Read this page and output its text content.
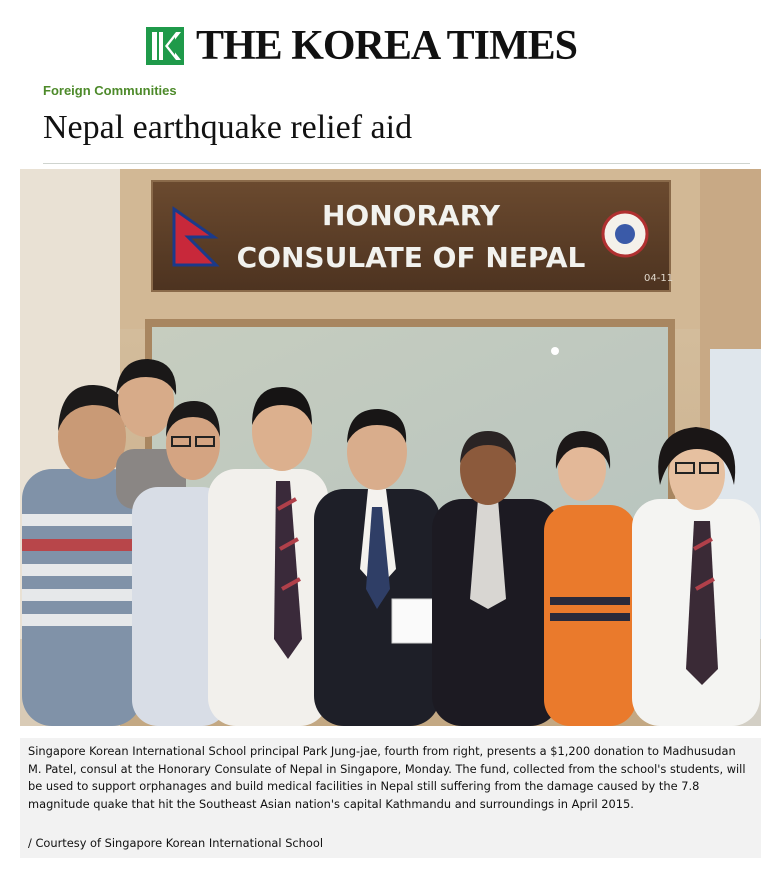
THE KOREA TIMES
Foreign Communities
Nepal earthquake relief aid
HONORARY
CONSULATE OF NEPAL
04-11

Singapore Korean International School principal Park Jung-jae, fourth from right, presents a $1,200 donation to Madhusudan M. Patel, consul at the Honorary Consulate of Nepal in Singapore, Monday. The fund, collected from the school's students, will be used to support orphanages and build medical facilities in Nepal still suffering from the damage caused by the 7.8 magnitude quake that hit the Southeast Asian nation's capital Kathmandu and surroundings in April 2015.

/ Courtesy of Singapore Korean International School
